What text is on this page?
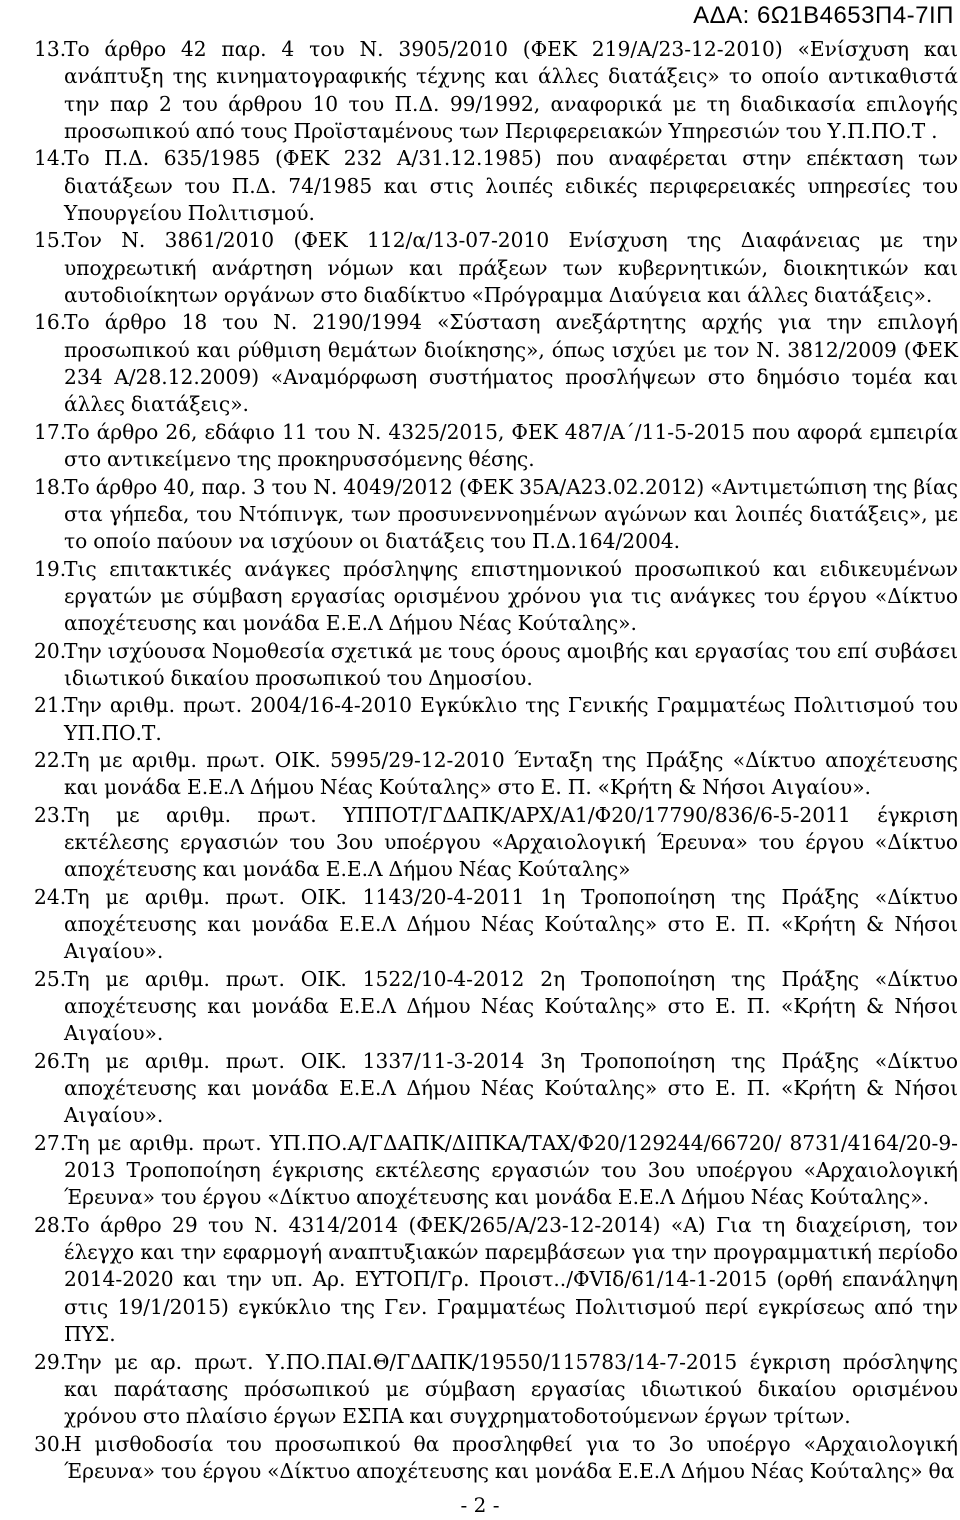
ΑΔΑ: 6Ω1Β4653Π4-7ΙΠ
13.Το άρθρο 42 παρ. 4 του Ν. 3905/2010 (ΦΕΚ 219/Α/23-12-2010) «Ενίσχυση και ανάπτυξη της κινηματογραφικής τέχνης και άλλες διατάξεις» το οποίο αντικαθιστά την παρ 2 του άρθρου 10 του Π.Δ. 99/1992, αναφορικά με τη διαδικασία επιλογής προσωπικού από τους Προϊσταμένους των Περιφερειακών Υπηρεσιών του Υ.Π.ΠΟ.Τ .
14.Το Π.Δ. 635/1985 (ΦΕΚ 232 Α/31.12.1985) που αναφέρεται στην επέκταση των διατάξεων του Π.Δ. 74/1985 και στις λοιπές ειδικές περιφερειακές υπηρεσίες του Υπουργείου Πολιτισμού.
15.Τον Ν. 3861/2010 (ΦΕΚ 112/α/13-07-2010 Ενίσχυση της Διαφάνειας με την υποχρεωτική ανάρτηση νόμων και πράξεων των κυβερνητικών, διοικητικών και αυτοδιοίκητων οργάνων στο διαδίκτυο «Πρόγραμμα Διαύγεια και άλλες διατάξεις».
16.Το άρθρο 18 του Ν. 2190/1994 «Σύσταση ανεξάρτητης αρχής για την επιλογή προσωπικού και ρύθμιση θεμάτων διοίκησης», όπως ισχύει με τον Ν. 3812/2009 (ΦΕΚ 234 Α/28.12.2009) «Αναμόρφωση συστήματος προσλήψεων στο δημόσιο τομέα και άλλες διατάξεις».
17.Το άρθρο 26, εδάφιο 11 του Ν. 4325/2015, ΦΕΚ 487/Α΄/11-5-2015 που αφορά εμπειρία στο αντικείμενο της προκηρυσσόμενης θέσης.
18.Το άρθρο 40, παρ. 3 του Ν. 4049/2012 (ΦΕΚ 35Α/Α23.02.2012) «Αντιμετώπιση της βίας στα γήπεδα, του Ντόπινγκ, των προσυνεννοημένων αγώνων και λοιπές διατάξεις», με το οποίο παύουν να ισχύουν οι διατάξεις του Π.Δ.164/2004.
19.Τις επιτακτικές ανάγκες πρόσληψης επιστημονικού προσωπικού και ειδικευμένων εργατών με σύμβαση εργασίας ορισμένου χρόνου για τις ανάγκες του έργου «Δίκτυο αποχέτευσης και μονάδα Ε.Ε.Λ Δήμου Νέας Κούταλης».
20.Την ισχύουσα Νομοθεσία σχετικά με τους όρους αμοιβής και εργασίας του επί συβάσει ιδιωτικού δικαίου προσωπικού του Δημοσίου.
21.Την αριθμ. πρωτ. 2004/16-4-2010 Εγκύκλιο της Γενικής Γραμματέως Πολιτισμού του ΥΠ.ΠΟ.Τ.
22.Τη με αριθμ. πρωτ. ΟΙΚ. 5995/29-12-2010 Ένταξη της Πράξης «Δίκτυο αποχέτευσης και μονάδα Ε.Ε.Λ Δήμου Νέας Κούταλης» στο Ε. Π. «Κρήτη & Νήσοι Αιγαίου».
23.Τη με αριθμ. πρωτ. ΥΠΠΟΤ/ΓΔΑΠΚ/ΑΡΧ/Α1/Φ20/17790/836/6-5-2011 έγκριση εκτέλεσης εργασιών του 3ου υποέργου «Αρχαιολογική Έρευνα» του έργου «Δίκτυο αποχέτευσης και μονάδα Ε.Ε.Λ Δήμου Νέας Κούταλης»
24.Τη με αριθμ. πρωτ. ΟΙΚ. 1143/20-4-2011 1η Τροποποίηση της Πράξης «Δίκτυο αποχέτευσης και μονάδα Ε.Ε.Λ Δήμου Νέας Κούταλης» στο Ε. Π. «Κρήτη & Νήσοι Αιγαίου».
25.Τη με αριθμ. πρωτ. ΟΙΚ. 1522/10-4-2012 2η Τροποποίηση της Πράξης «Δίκτυο αποχέτευσης και μονάδα Ε.Ε.Λ Δήμου Νέας Κούταλης» στο Ε. Π. «Κρήτη & Νήσοι Αιγαίου».
26.Τη με αριθμ. πρωτ. ΟΙΚ. 1337/11-3-2014 3η Τροποποίηση της Πράξης «Δίκτυο αποχέτευσης και μονάδα Ε.Ε.Λ Δήμου Νέας Κούταλης» στο Ε. Π. «Κρήτη & Νήσοι Αιγαίου».
27.Τη με αριθμ. πρωτ. ΥΠ.ΠΟ.Α/ΓΔΑΠΚ/ΔΙΠΚΑ/ΤΑΧ/Φ20/129244/66720/ 8731/4164/20-9-2013 Τροποποίηση έγκρισης εκτέλεσης εργασιών του 3ου υποέργου «Αρχαιολογική Έρευνα» του έργου «Δίκτυο αποχέτευσης και μονάδα Ε.Ε.Λ Δήμου Νέας Κούταλης».
28.Το άρθρο 29 του Ν. 4314/2014 (ΦΕΚ/265/Α/23-12-2014) «Α) Για τη διαχείριση, τον έλεγχο και την εφαρμογή αναπτυξιακών παρεμβάσεων για την προγραμματική περίοδο 2014-2020 και την υπ. Αρ. ΕΥΤΟΠ/Γρ. Προιστ../ΦVΙδ/61/14-1-2015 (ορθή επανάληψη στις 19/1/2015) εγκύκλιο της Γεν. Γραμματέως Πολιτισμού περί εγκρίσεως από την ΠΥΣ.
29.Την με αρ. πρωτ. Υ.ΠΟ.ΠΑΙ.Θ/ΓΔΑΠΚ/19550/115783/14-7-2015 έγκριση πρόσληψης και παράτασης πρόσωπικού με σύμβαση εργασίας ιδιωτικού δικαίου ορισμένου χρόνου στο πλαίσιο έργων ΕΣΠΑ και συγχρηματοδοτούμενων έργων τρίτων.
30.Η μισθοδοσία του προσωπικού θα προσληφθεί για το 3ο υποέργο «Αρχαιολογική Έρευνα» του έργου «Δίκτυο αποχέτευσης και μονάδα Ε.Ε.Λ Δήμου Νέας Κούταλης» θα
- 2 -
